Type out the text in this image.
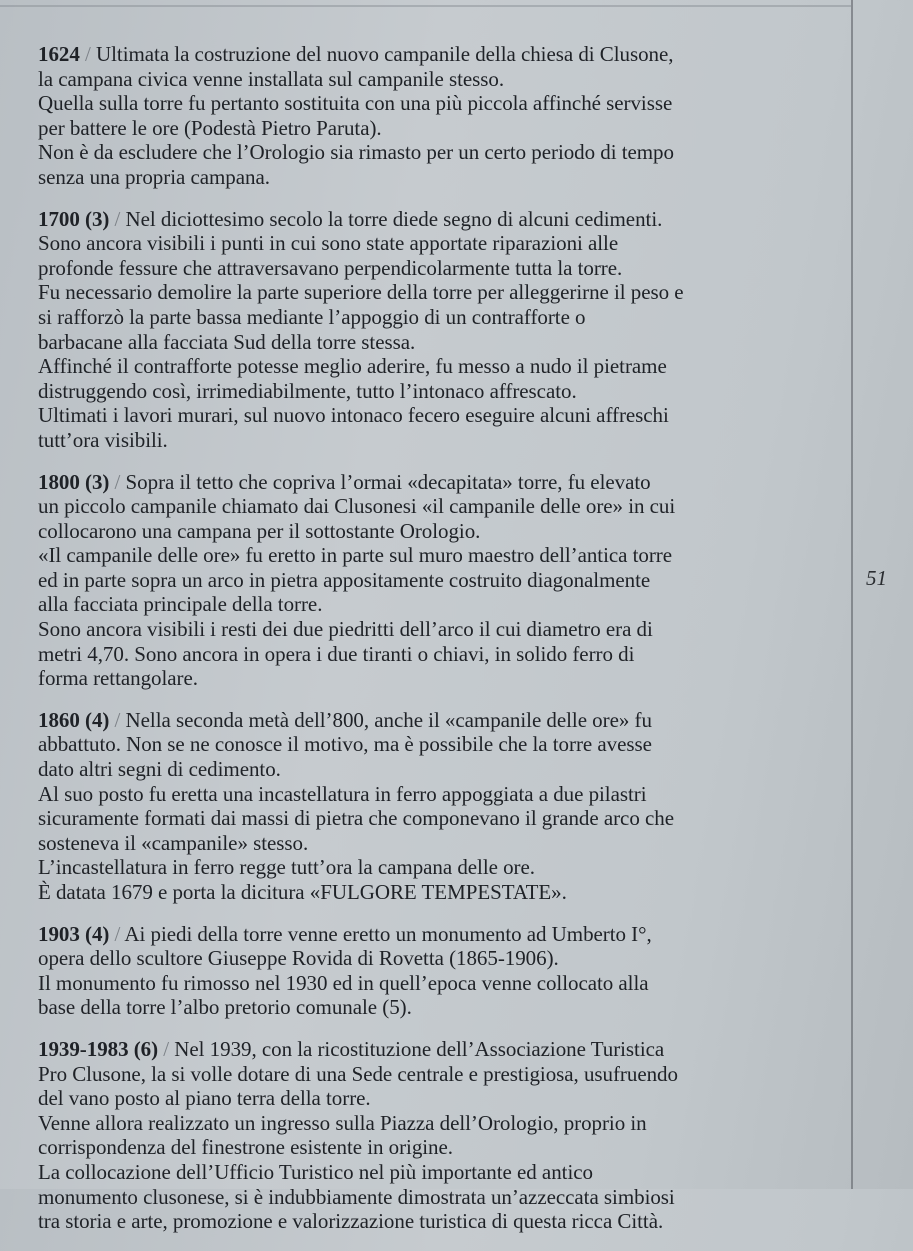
1624 / Ultimata la costruzione del nuovo campanile della chiesa di Clusone,
la campana civica venne installata sul campanile stesso.
Quella sulla torre fu pertanto sostituita con una più piccola affinché servisse
per battere le ore (Podestà Pietro Paruta).
Non è da escludere che l’Orologio sia rimasto per un certo periodo di tempo
senza una propria campana.
1700 (3) / Nel diciottesimo secolo la torre diede segno di alcuni cedimenti.
Sono ancora visibili i punti in cui sono state apportate riparazioni alle
profonde fessure che attraversavano perpendicolarmente tutta la torre.
Fu necessario demolire la parte superiore della torre per alleggerirne il peso e
si rafforzò la parte bassa mediante l’appoggio di un contrafforte o
barbacane alla facciata Sud della torre stessa.
Affinché il contrafforte potesse meglio aderire, fu messo a nudo il pietrame
distruggendo così, irrimediabilmente, tutto l’intonaco affrescato.
Ultimati i lavori murari, sul nuovo intonaco fecero eseguire alcuni affreschi
tutt’ora visibili.
1800 (3) / Sopra il tetto che copriva l’ormai «decapitata» torre, fu elevato
un piccolo campanile chiamato dai Clusonesi «il campanile delle ore» in cui
collocarono una campana per il sottostante Orologio.
«Il campanile delle ore» fu eretto in parte sul muro maestro dell’antica torre
ed in parte sopra un arco in pietra appositamente costruito diagonalmente
alla facciata principale della torre.
Sono ancora visibili i resti dei due piedritti dell’arco il cui diametro era di
metri 4,70. Sono ancora in opera i due tiranti o chiavi, in solido ferro di
forma rettangolare.
1860 (4) / Nella seconda metà dell’800, anche il «campanile delle ore» fu
abbattuto. Non se ne conosce il motivo, ma è possibile che la torre avesse
dato altri segni di cedimento.
Al suo posto fu eretta una incastellatura in ferro appoggiata a due pilastri
sicuramente formati dai massi di pietra che componevano il grande arco che
sosteneva il «campanile» stesso.
L’incastellatura in ferro regge tutt’ora la campana delle ore.
È datata 1679 e porta la dicitura «FULGORE TEMPESTATE».
1903 (4) / Ai piedi della torre venne eretto un monumento ad Umberto I°,
opera dello scultore Giuseppe Rovida di Rovetta (1865-1906).
Il monumento fu rimosso nel 1930 ed in quell’epoca venne collocato alla
base della torre l’albo pretorio comunale (5).
1939-1983 (6) / Nel 1939, con la ricostituzione dell’Associazione Turistica
Pro Clusone, la si volle dotare di una Sede centrale e prestigiosa, usufruendo
del vano posto al piano terra della torre.
Venne allora realizzato un ingresso sulla Piazza dell’Orologio, proprio in
corrispondenza del finestrone esistente in origine.
La collocazione dell’Ufficio Turistico nel più importante ed antico
monumento clusonese, si è indubbiamente dimostrata un’azzeccata simbiosi
tra storia e arte, promozione e valorizzazione turistica di questa ricca Città.
51
